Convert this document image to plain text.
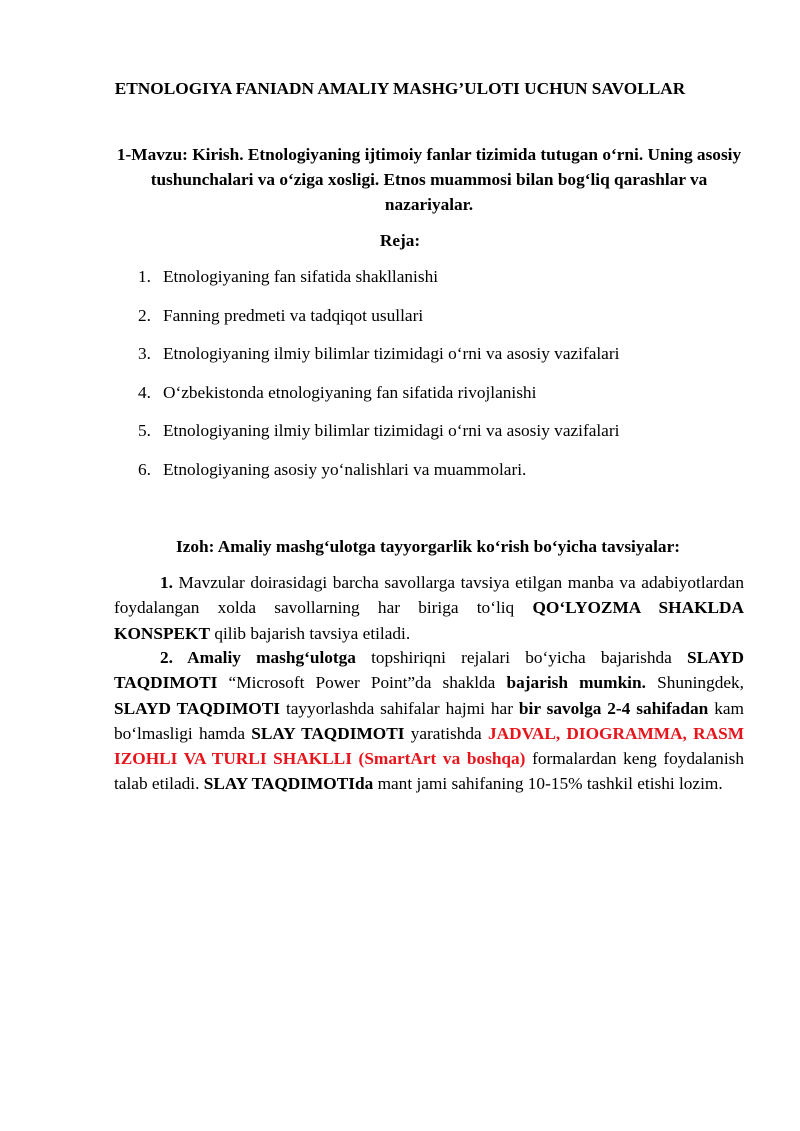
ETNOLOGIYA FANIADN AMALIY MASHG’ULOTI UCHUN SAVOLLAR
1-Mavzu: Kirish. Etnologiyaning ijtimoiy fanlar tizimida tutugan o‘rni. Uning asosiy tushunchalari va o‘ziga xosligi. Etnos muammosi bilan bog‘liq qarashlar va nazariyalar.
Reja:
1. Etnologiyaning fan sifatida shakllanishi
2. Fanning predmeti va tadqiqot usullari
3. Etnologiyaning ilmiy bilimlar tizimidagi o‘rni va asosiy vazifalari
4. O‘zbekistonda etnologiyaning fan sifatida rivojlanishi
5. Etnologiyaning ilmiy bilimlar tizimidagi o‘rni va asosiy vazifalari
6. Etnologiyaning asosiy yo‘nalishlari va muammolari.
Izoh: Amaliy mashg‘ulotga tayyorgarlik ko‘rish bo‘yicha tavsiyalar:

1. Mavzular doirasidagi barcha savollarga tavsiya etilgan manba va adabiyotlardan foydalangan xolda savollarning har biriga to‘liq QO‘LYOZMA SHAKLDA KONSPEKT qilib bajarish tavsiya etiladi.

2. Amaliy mashg‘ulotga topshiriqni rejalari bo‘yicha bajarishda SLAYD TAQDIMOTI “Microsoft Power Point”da shaklda bajarish mumkin. Shuningdek, SLAYD TAQDIMOTI tayyorlashda sahifalar hajmi har bir savolga 2-4 sahifadan kam bo‘lmasligi hamda SLAY TAQDIMOTI yaratishda JADVAL, DIOGRAMMA, RASM IZOHLI VA TURLI SHAKLLI (SmartArt va boshqa) formalardan keng foydalanish talab etiladi. SLAY TAQDIMOTIda mant jami sahifaning 10-15% tashkil etishi lozim.
